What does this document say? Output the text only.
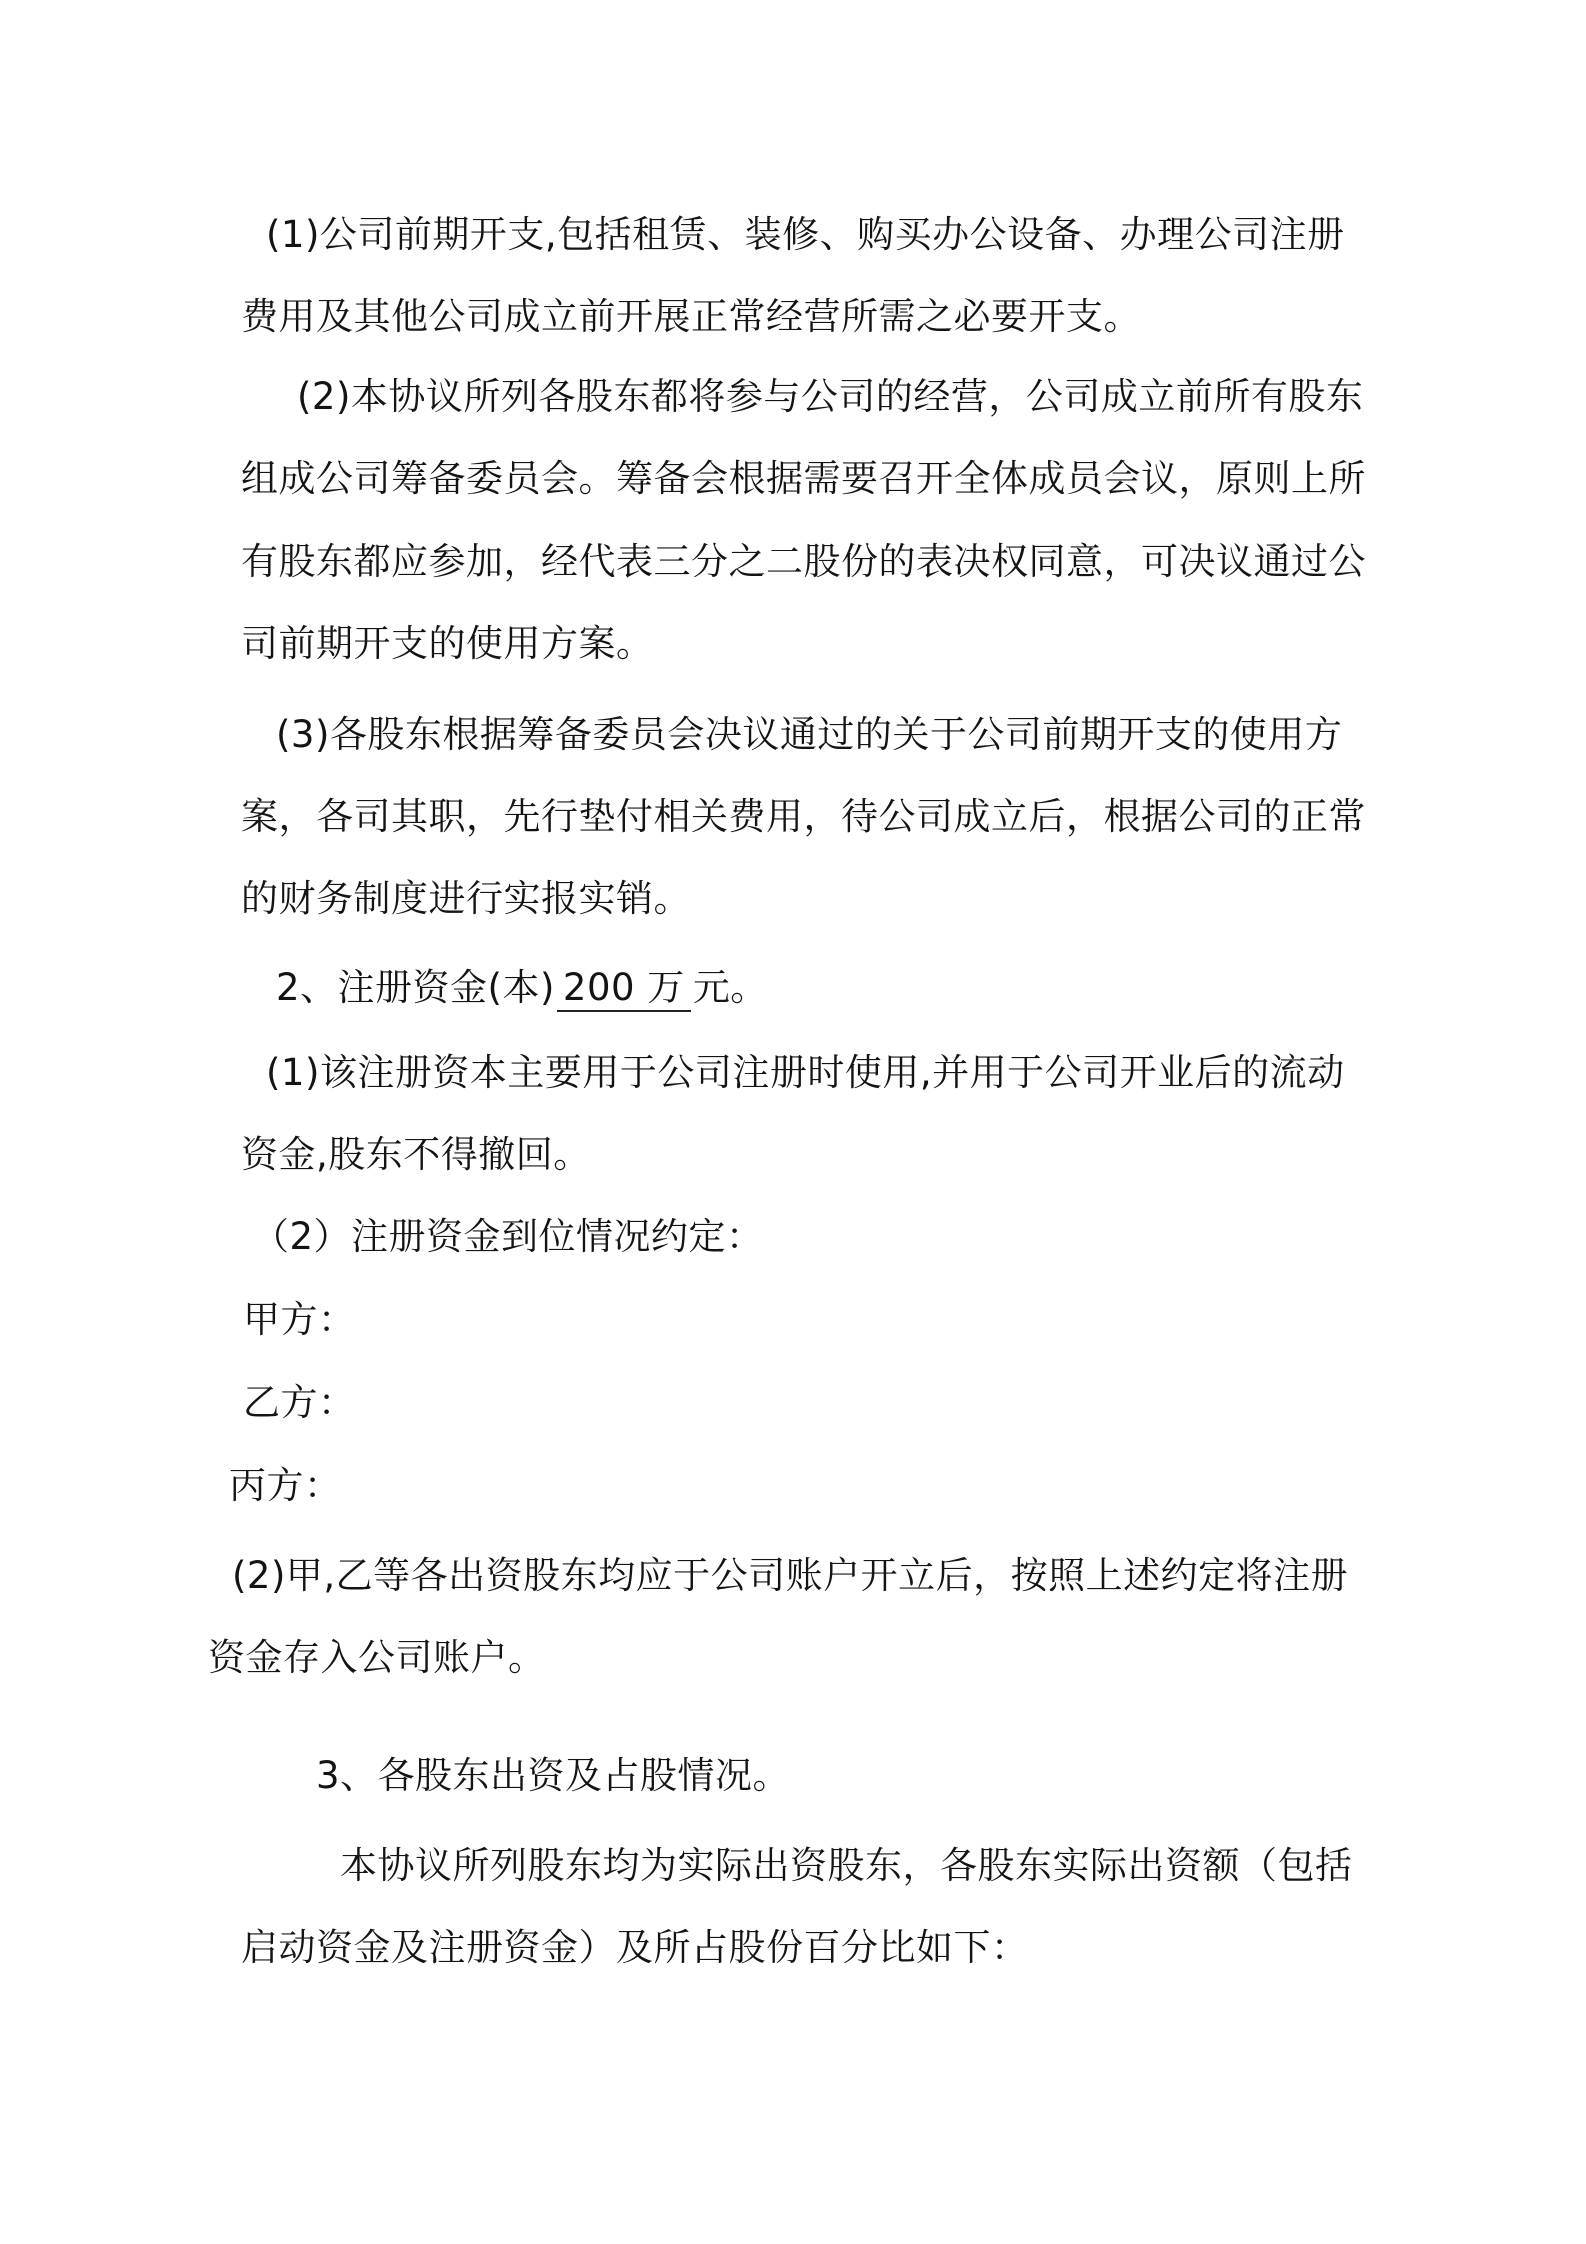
(1)公司前期开支,包括租赁、装修、购买办公设备、办理公司注册
费用及其他公司成立前开展正常经营所需之必要开支。
(2)本协议所列各股东都将参与公司的经营，公司成立前所有股东
组成公司筹备委员会。筹备会根据需要召开全体成员会议，原则上所
有股东都应参加，经代表三分之二股份的表决权同意，可决议通过公
司前期开支的使用方案。
(3)各股东根据筹备委员会决议通过的关于公司前期开支的使用方
案，各司其职，先行垫付相关费用，待公司成立后，根据公司的正常
的财务制度进行实报实销。
2、注册资金(本) 200 万 元。
(1)该注册资本主要用于公司注册时使用,并用于公司开业后的流动
资金,股东不得撤回。
（2）注册资金到位情况约定：
甲方：
乙方：
丙方：
(2)甲,乙等各出资股东均应于公司账户开立后，按照上述约定将注册
资金存入公司账户。
3、各股东出资及占股情况。
本协议所列股东均为实际出资股东，各股东实际出资额（包括
启动资金及注册资金）及所占股份百分比如下：
